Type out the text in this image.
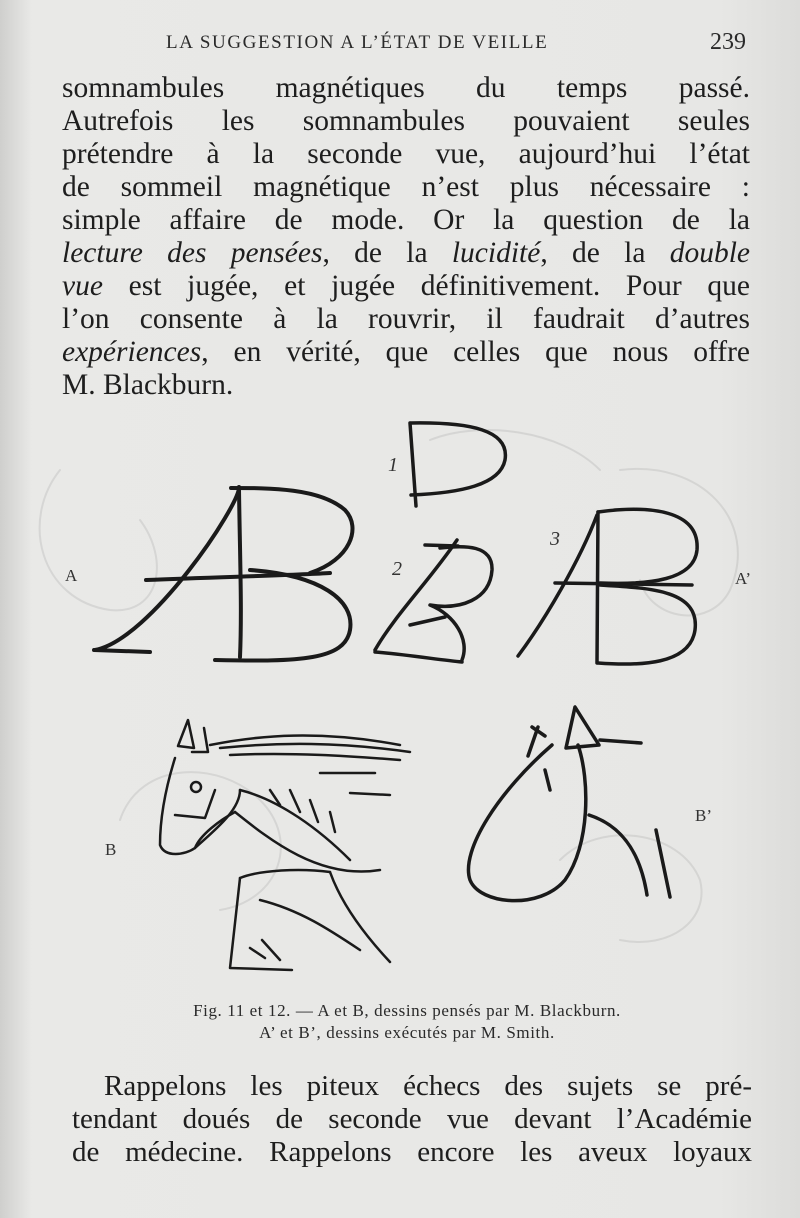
LA SUGGESTION A L’ÉTAT DE VEILLE	239
somnambules magnétiques du temps passé.
Autrefois les somnambules pouvaient seules
prétendre à la seconde vue, aujourd’hui l’état
de sommeil magnétique n’est plus nécessaire :
simple affaire de mode. Or la question de la
lecture des pensées, de la lucidité, de la double
vue est jugée, et jugée définitivement. Pour que
l’on consente à la rouvrir, il faudrait d’autres
expériences, en vérité, que celles que nous offre
M. Blackburn.
A	A’
B
B’
1
2
3
Fig. 11 et 12. — A et B, dessins pensés par M. Blackburn.
A’ et B’, dessins exécutés par M. Smith.
Rappelons les piteux échecs des sujets se pré-
tendant doués de seconde vue devant l’Académie
de médecine. Rappelons encore les aveux loyaux
